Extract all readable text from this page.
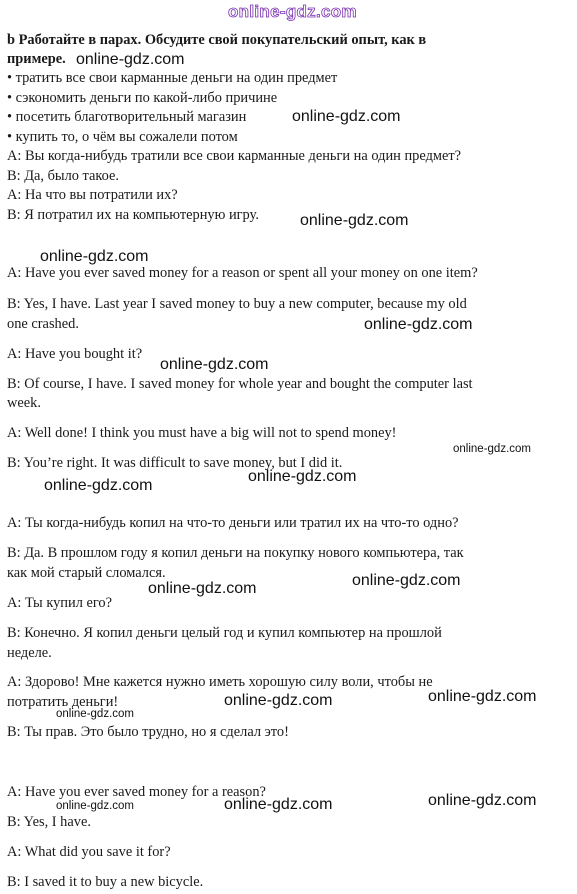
online-gdz.com
b Работайте в парах. Обсудите свой покупательский опыт, как в
примере.
• тратить все свои карманные деньги на один предмет
• сэкономить деньги по какой-либо причине
• посетить благотворительный магазин
• купить то, о чём вы сожалели потом
A: Вы когда-нибудь тратили все свои карманные деньги на один предмет?
B: Да, было такое.
A: На что вы потратили их?
B: Я потратил их на компьютерную игру.
A: Have you ever saved money for a reason or spent all your money on one item?
B: Yes, I have. Last year I saved money to buy a new computer, because my old
one crashed.
A: Have you bought it?
B: Of course, I have. I saved money for whole year and bought the computer last
week.
A: Well done! I think you must have a big will not to spend money!
B: You’re right. It was difficult to save money, but I did it.
A: Ты когда-нибудь копил на что-то деньги или тратил их на что-то одно?
B: Да. В прошлом году я копил деньги на покупку нового компьютера, так
как мой старый сломался.
A: Ты купил его?
B: Конечно. Я копил деньги целый год и купил компьютер на прошлой
неделе.
A: Здорово! Мне кажется нужно иметь хорошую силу воли, чтобы не
потратить деньги!
B: Ты прав. Это было трудно, но я сделал это!
A: Have you ever saved money for a reason?
B: Yes, I have.
A: What did you save it for?
B: I saved it to buy a new bicycle.
online-gdz.com
online-gdz.com
online-gdz.com
online-gdz.com
online-gdz.com
online-gdz.com
online-gdz.com
online-gdz.com
online-gdz.com
online-gdz.com
online-gdz.com
online-gdz.com
online-gdz.com
online-gdz.com
online-gdz.com
online-gdz.com
online-gdz.com
